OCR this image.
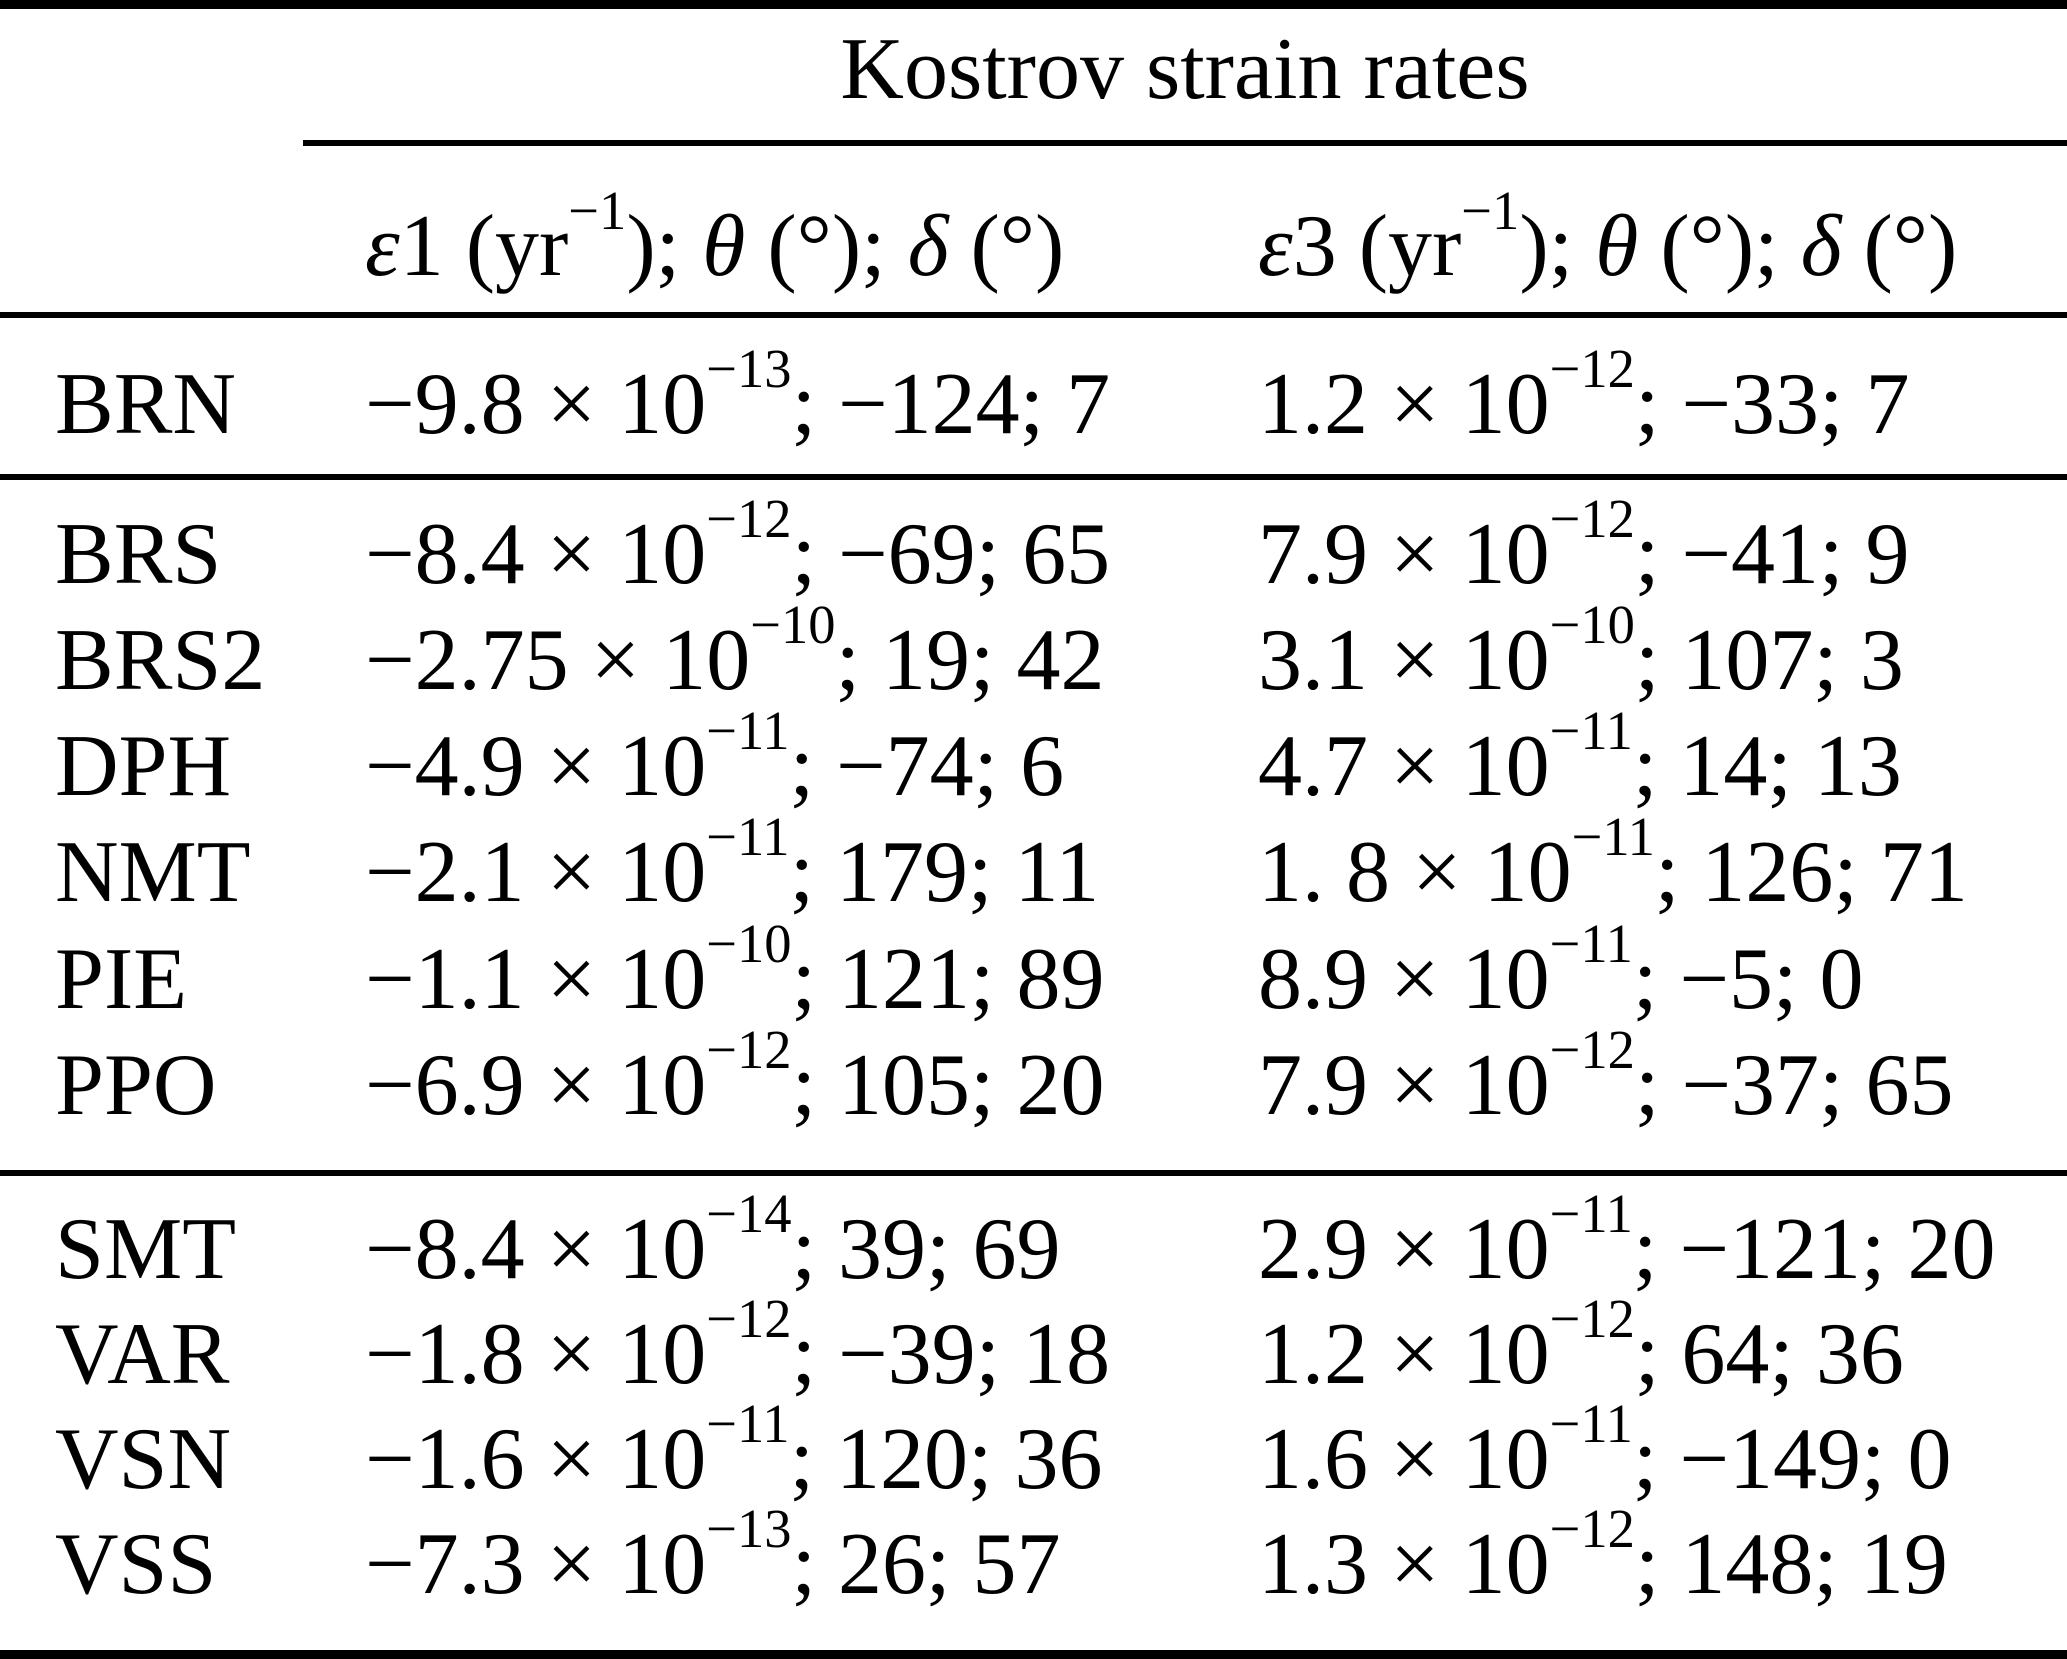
Kostrov strain rates
ε1 $(yr^{-1})$; θ (°); δ (°) ε3 $(yr^{-1})$; θ (°); δ (°)
BRN $-9.8 \times 10^{-13}$; −124; 7 $1.2 \times 10^{-12}$; −33; 7
BRS $-8.4 \times 10^{-12}$; −69; 65 $7.9 \times 10^{-12}$; −41; 9
$BRS2 -2.75 \times 10^{-10}$; 19; 42 $3.1 \times 10^{-10}$; 107; 3
DPH $-4.9 \times 10^{-11}$; −74; 6 $4.7 \times 10^{-11}$; 14; 13
NMT $-2.1 \times 10^{-11}$; 179; 11 1. $8 \times 10^{-11}$; 126; 71
PIE $-1.1 \times 10^{-10}$; 121; 89 $8.9 \times 10^{-11}$; −5; 0
PPO $-6.9 \times 10^{-12}$; 105; 20 $7.9 \times 10^{-12}$; −37; 65
SMT $-8.4 \times 10^{-14}$; 39; 69 $2.9 \times 10^{-11}$; −121; 20
VAR $-1.8 \times 10^{-12}$; −39; 18 $1.2 \times 10^{-12}$; 64; 36
VSN $-1.6 \times 10^{-11}$; 120; 36 $1.6 \times 10^{-11}$; −149; 0
VSS $-7.3 \times 10^{-13}$; 26; 57 $1.3 \times 10^{-12}$; 148; 19
